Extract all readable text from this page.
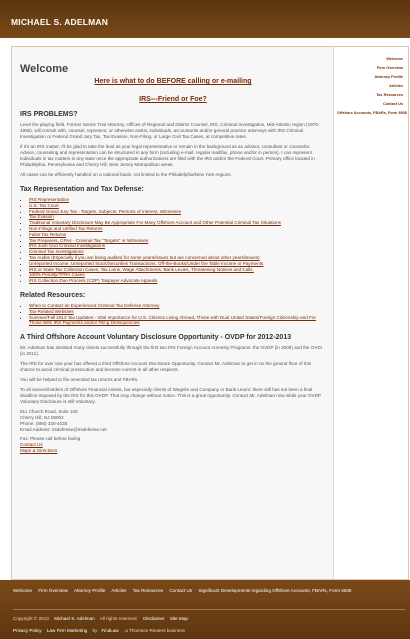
MICHAEL S. ADELMAN
Welcome
Here is what to do BEFORE calling or e-mailing
IRS---Friend or Foe?
IRS PROBLEMS?

Level the playing field. Former Senior Trial Attorney, Offices of Regional and District Counsel, IRS, Criminal Investigation, Mid-Atlantic region (1970-1986), will consult with, counsel, represent, or otherwise assist, individuals, accountants and/or general practice attorneys with IRS Criminal Investigation or Federal Grand Jury Tax, Tax Evasion, Non-Filing, or Large Civil Tax Cases, at competitive rates.

If it's an IRS matter, I'll be glad to take the lead as your legal representative or remain in the background as an advisor, consultant or counselor. Advice, counseling and representation can be structured in any form (including e-mail, regular mail/fax, phone and/or in person). I can represent individuals in tax matters in any state once the appropriate authorizations are filed with the IRS and/or the Federal Court. Primary office located in Philadelphia, Pennsylvania and Cherry Hill, New Jersey Metropolitan areas.

All cases can be efficiently handled on a national basis, not limited to the Philadelphia/New York regions.

Tax Representation and Tax Defense:
▪ IRS Representation
▪ U.S. Tax Court
▪ Federal Grand Jury Tax - Targets, Subjects, Persons of Interest, Witnesses
▪ Tax Evasion
▪ Traditional Voluntary Disclosure May Be Appropriate For Many Offshore Account and Other Potential Criminal Tax Situations
▪ Non-Filings and Unfiled Tax Returns
▪ False Tax Returns
▪ Tax Preparers, CPAs - Criminal Tax "Targets" or Witnesses
▪ IRS Joint Civil Criminal Investigations
▪ Criminal Tax Investigations
▪ Tax Audits (Especially if you are being audited for some years/issues but are concerned about other years/issues)
▪ Unreported Income, Unreported Stock/Securities Transactions, Off-the-Books/Under the Table Income or Payments
▪ IRS or State Tax Collection Cases, Tax Liens, Wage Attachments, Bank Levies, Threatening Notices and Calls.
▪ 100% Penalty/TFRA Cases
▪ IRS Collection Due Process (CDP) Taxpayer Advocate Appeals
Related Resources:
▪ When to Contact an Experienced Criminal Tax Defense Attorney
▪ Tax-Related Websites
▪ Summer/Fall 2012 Tax Updates - Vital Importance for U.S. Citizens Living Abroad, Those with Dual United States/Foreign Citizenship and For Those With IRS Payments and/or Filing Delinquencies
A Third Offshore Account Voluntary Disclosure Opportunity - OVDP for 2012-2013

Mr. Adelman has assisted many clients successfully through the first two IRS Foreign Account Amnesty Programs: the OVDP (in 2009) and the OVDI (in 2011).

The IRS for over one year has offered a third Offshore Account Disclosure Opportunity. Contact Mr. Adelman to get in on the ground floor of this chance to avoid criminal prosecution and become current in all other respects.

You will be helped to file amended tax returns and FBARs.

To all owners/holders of Offshore Financial Assets, but especially clients of Wegelin and Company or Bank Leumi: there still has not been a final deadline imposed by the IRS for this OVDP. That may change without notice. This is a great opportunity. Contact Mr. Adelman now while your OVDP Voluntary Disclosure is still Voluntary.

811 Church Road, Suite 105
Cherry Hill, NJ 08002
Phone: (856) 330-4035
Email Address: irsdefense@irsdefense.net
Fax: Please call before faxing
Contact Us
Maps & Directions
Welcome
Firm Overview
Attorney Profile
Articles
Tax Resources
Contact Us
Offshore Accounts, FBARs, Form 8938
Welcome Firm Overview Attorney Profile Articles Tax Resources Contact Us Significant Developments regarding Offshore Accounts, FBARs, Form 8938
Copyright © 2013 Michael S. Adelman All rights reserved. Disclaimer Site Map
Privacy Policy Law Firm Marketing by FindLaw , a Thomson Reuters business
